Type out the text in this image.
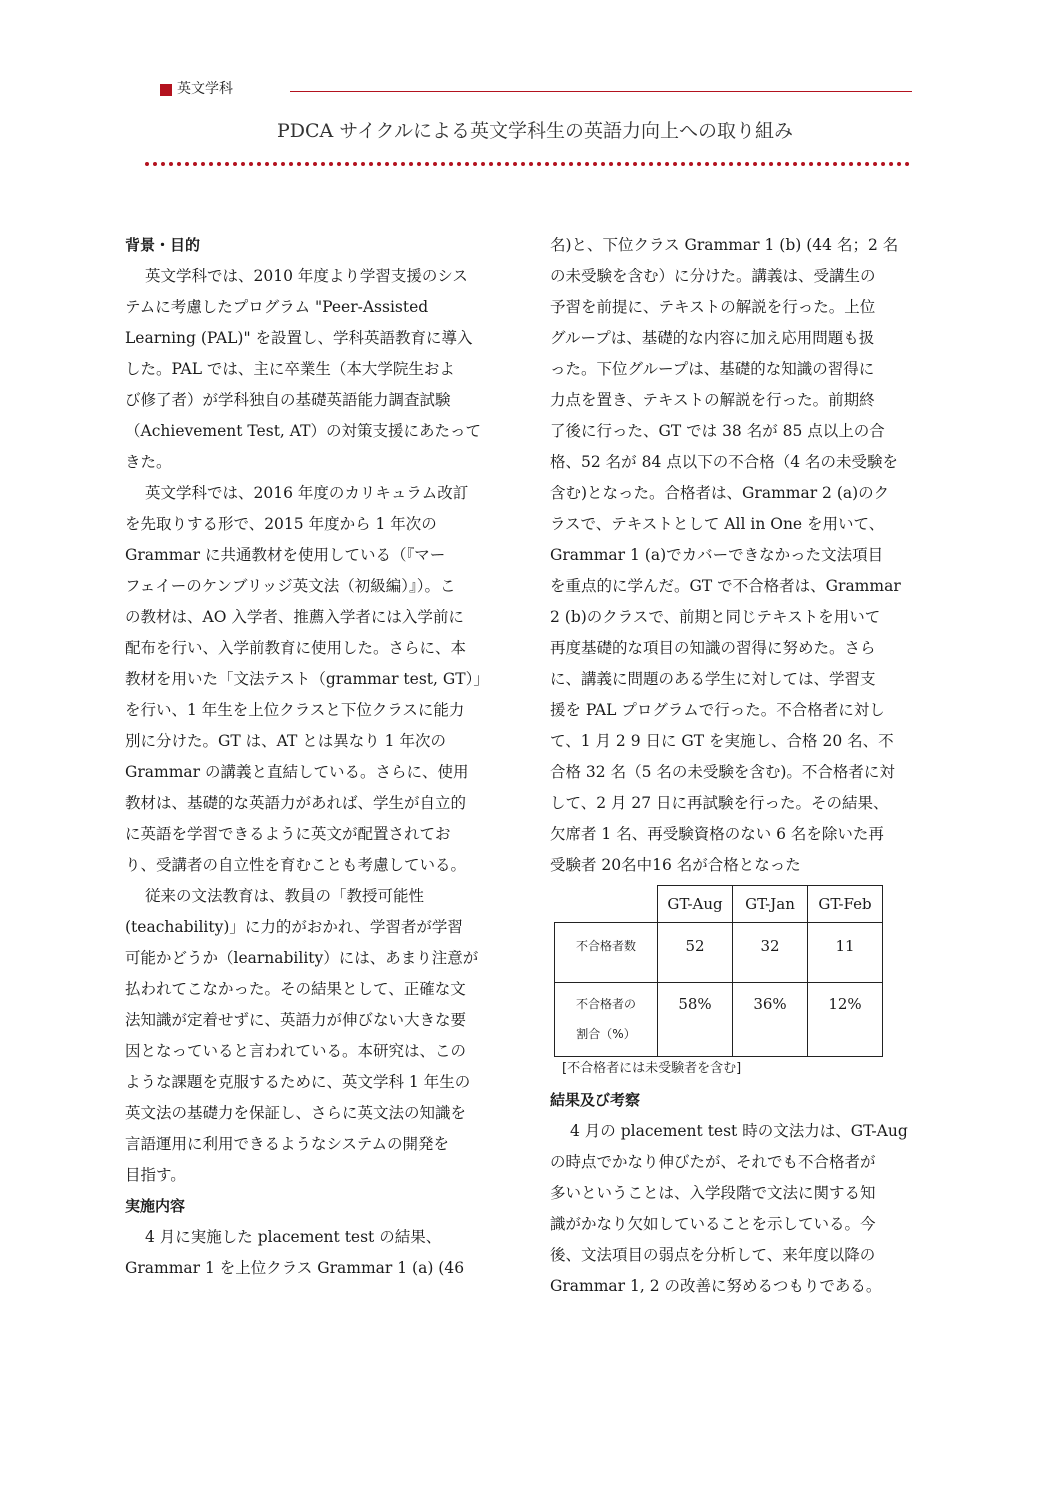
英文学科
PDCA サイクルによる英文学科生の英語力向上への取り組み
背景・目的
英文学科では、2010 年度より学習支援のシス
テムに考慮したプログラム "Peer-Assisted
Learning (PAL)" を設置し、学科英語教育に導入
した。PAL では、主に卒業生（本大学院生およ
び修了者）が学科独自の基礎英語能力調査試験
（Achievement Test, AT）の対策支援にあたって
きた。
英文学科では、2016 年度のカリキュラム改訂
を先取りする形で、2015 年度から 1 年次の
Grammar に共通教材を使用している（『マー
フェイーのケンブリッジ英文法（初級編）』）。こ
の教材は、AO 入学者、推薦入学者には入学前に
配布を行い、入学前教育に使用した。さらに、本
教材を用いた「文法テスト（grammar test, GT）」
を行い、1 年生を上位クラスと下位クラスに能力
別に分けた。GT は、AT とは異なり 1 年次の
Grammar の講義と直結している。さらに、使用
教材は、基礎的な英語力があれば、学生が自立的
に英語を学習できるように英文が配置されてお
り、受講者の自立性を育むことも考慮している。
従来の文法教育は、教員の「教授可能性
(teachability)」に力的がおかれ、学習者が学習
可能かどうか（learnability）には、あまり注意が
払われてこなかった。その結果として、正確な文
法知識が定着せずに、英語力が伸びない大きな要
因となっていると言われている。本研究は、この
ような課題を克服するために、英文学科 1 年生の
英文法の基礎力を保証し、さらに英文法の知識を
言語運用に利用できるようなシステムの開発を
目指す。
実施内容
4 月に実施した placement test の結果、
Grammar 1 を上位クラス Grammar 1 (a) (46
名)と、下位クラス Grammar 1 (b) (44 名；2 名
の未受験を含む）に分けた。講義は、受講生の
予習を前提に、テキストの解説を行った。上位
グループは、基礎的な内容に加え応用問題も扱
った。下位グループは、基礎的な知識の習得に
力点を置き、テキストの解説を行った。前期終
了後に行った、GT では 38 名が 85 点以上の合
格、52 名が 84 点以下の不合格（4 名の未受験を
含む)となった。合格者は、Grammar 2 (a)のク
ラスで、テキストとして All in One を用いて、
Grammar 1 (a)でカバーできなかった文法項目
を重点的に学んだ。GT で不合格者は、Grammar
2 (b)のクラスで、前期と同じテキストを用いて
再度基礎的な項目の知識の習得に努めた。さら
に、講義に問題のある学生に対しては、学習支
援を PAL プログラムで行った。不合格者に対し
て、1 月 2 9 日に GT を実施し、合格 20 名、不
合格 32 名（5 名の未受験を含む)。不合格者に対
して、2 月 27 日に再試験を行った。その結果、
欠席者 1 名、再受験資格のない 6 名を除いた再
受験者 20名中16 名が合格となった
	GT-Aug	GT-Jan	GT-Feb
不合格者数	52	32	11

不合格者の
割合（%）	58%	36%	12%
[不合格者には未受験者を含む]
結果及び考察
4 月の placement test 時の文法力は、GT-Aug
の時点でかなり伸びたが、それでも不合格者が
多いということは、入学段階で文法に関する知
識がかなり欠如していることを示している。今
後、文法項目の弱点を分析して、来年度以降の
Grammar 1, 2 の改善に努めるつもりである。
